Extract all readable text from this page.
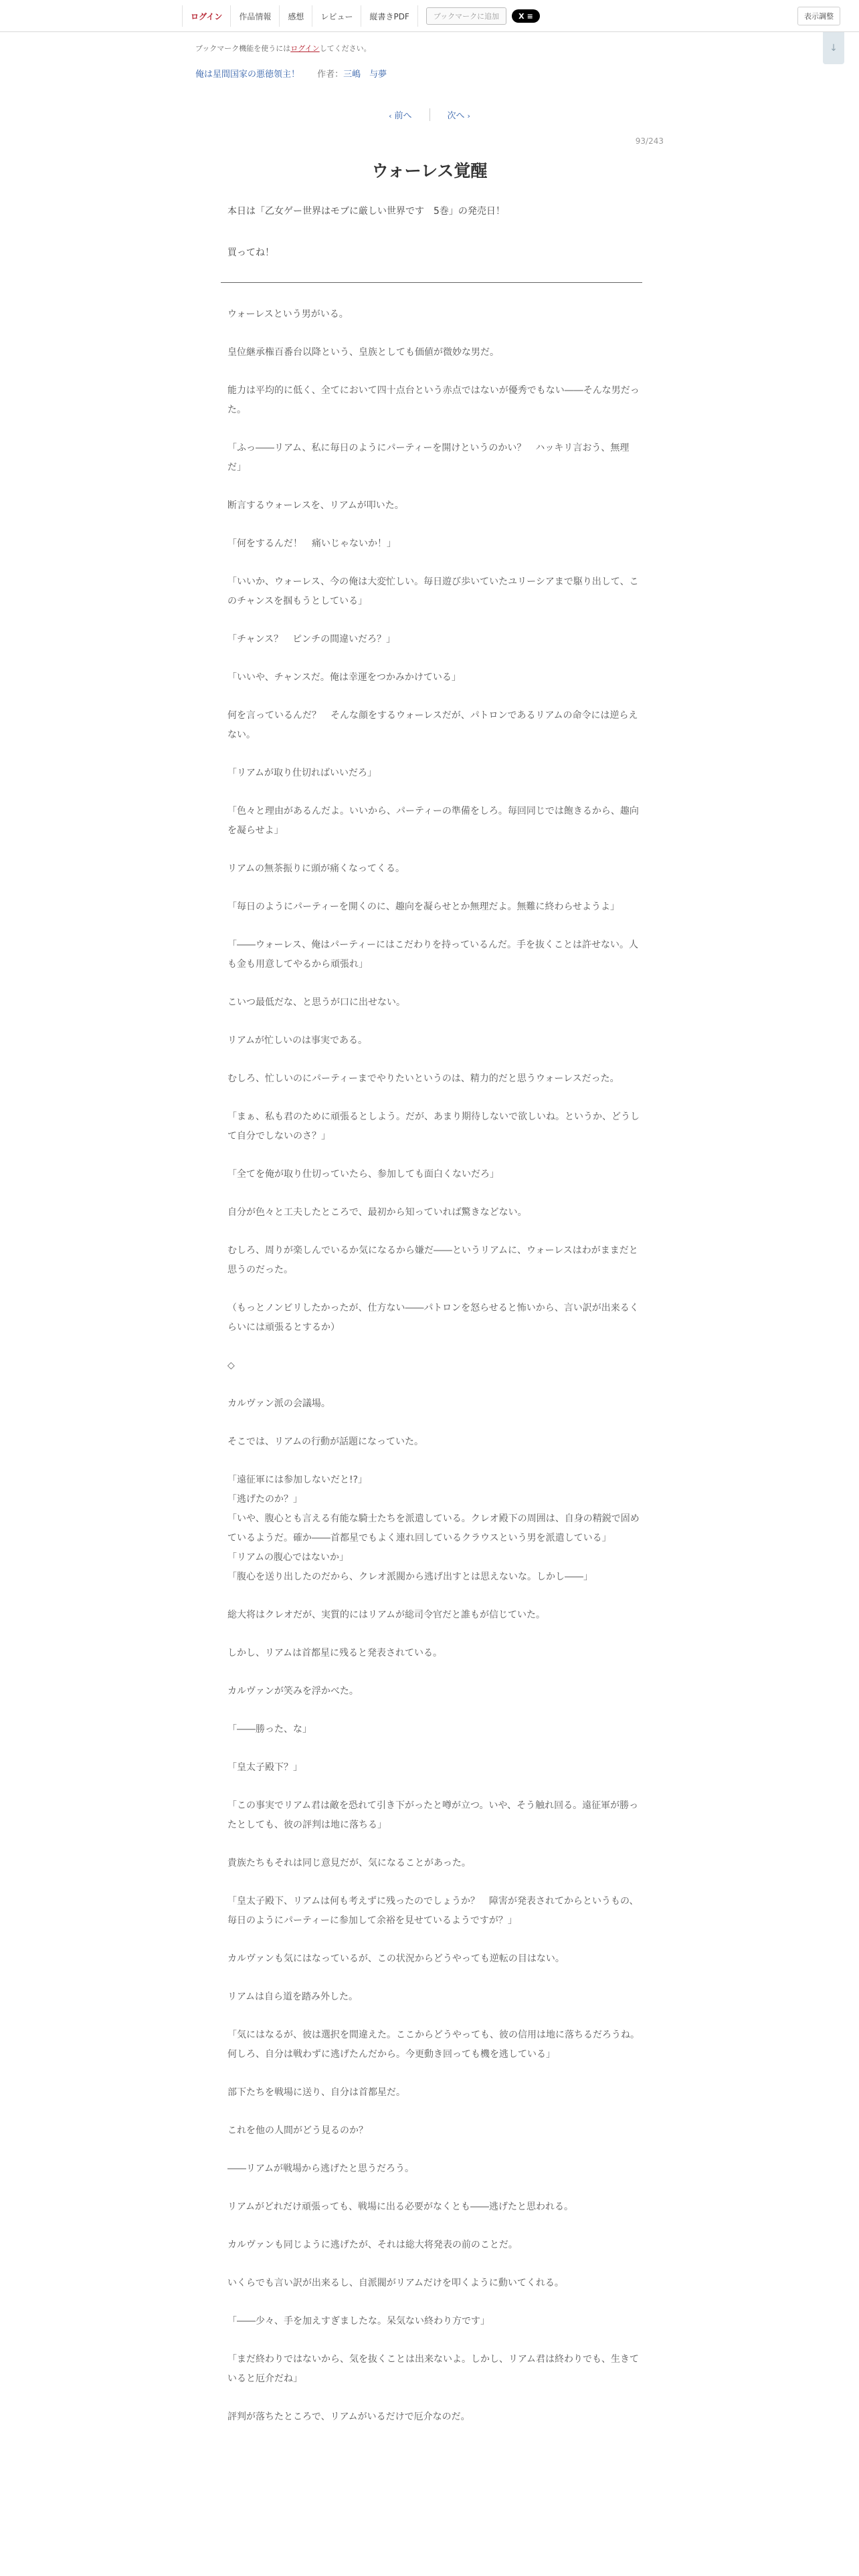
ログイン	作品情報	感想	レビュー	縦書きPDF	ブックマークに追加	X ≡	表示調整
↓
ブックマーク機能を使うにはログインしてください。
俺は星間国家の悪徳領主！ 作者：三嶋　与夢
‹ 前へ	次へ ›
93/243
ウォーレス覚醒

本日は「乙女ゲー世界はモブに厳しい世界です　5巻」の発売日！

買ってね！

ウォーレスという男がいる。

皇位継承権百番台以降という、皇族としても価値が微妙な男だ。

能力は平均的に低く、全てにおいて四十点台という赤点ではないが優秀でもない――そんな男だった。

「ふっ――リアム、私に毎日のようにパーティーを開けというのかい？　ハッキリ言おう、無理だ」

断言するウォーレスを、リアムが叩いた。

「何をするんだ！　痛いじゃないか！」

「いいか、ウォーレス、今の俺は大変忙しい。毎日遊び歩いていたユリーシアまで駆り出して、このチャンスを掴もうとしている」

「チャンス？　ピンチの間違いだろ？」

「いいや、チャンスだ。俺は幸運をつかみかけている」

何を言っているんだ？　そんな顔をするウォーレスだが、パトロンであるリアムの命令には逆らえない。

「リアムが取り仕切ればいいだろ」

「色々と理由があるんだよ。いいから、パーティーの準備をしろ。毎回同じでは飽きるから、趣向を凝らせよ」

リアムの無茶振りに頭が痛くなってくる。

「毎日のようにパーティーを開くのに、趣向を凝らせとか無理だよ。無難に終わらせようよ」

「――ウォーレス、俺はパーティーにはこだわりを持っているんだ。手を抜くことは許せない。人も金も用意してやるから頑張れ」

こいつ最低だな、と思うが口に出せない。

リアムが忙しいのは事実である。

むしろ、忙しいのにパーティーまでやりたいというのは、精力的だと思うウォーレスだった。

「まぁ、私も君のために頑張るとしよう。だが、あまり期待しないで欲しいね。というか、どうして自分でしないのさ？」

「全てを俺が取り仕切っていたら、参加しても面白くないだろ」

自分が色々と工夫したところで、最初から知っていれば驚きなどない。

むしろ、周りが楽しんでいるか気になるから嫌だ――というリアムに、ウォーレスはわがままだと思うのだった。

（もっとノンビリしたかったが、仕方ない――パトロンを怒らせると怖いから、言い訳が出来るくらいには頑張るとするか）

◇

カルヴァン派の会議場。

そこでは、リアムの行動が話題になっていた。

「遠征軍には参加しないだと!?」

「逃げたのか？」

「いや、腹心とも言える有能な騎士たちを派遣している。クレオ殿下の周囲は、自身の精鋭で固めているようだ。確か――首都星でもよく連れ回しているクラウスという男を派遣している」

「リアムの腹心ではないか」

「腹心を送り出したのだから、クレオ派閥から逃げ出すとは思えないな。しかし――」

総大将はクレオだが、実質的にはリアムが総司令官だと誰もが信じていた。

しかし、リアムは首都星に残ると発表されている。

カルヴァンが笑みを浮かべた。

「――勝った、な」

「皇太子殿下？」

「この事実でリアム君は敵を恐れて引き下がったと噂が立つ。いや、そう触れ回る。遠征軍が勝ったとしても、彼の評判は地に落ちる」

貴族たちもそれは同じ意見だが、気になることがあった。

「皇太子殿下、リアムは何も考えずに残ったのでしょうか？　障害が発表されてからというもの、毎日のようにパーティーに参加して余裕を見せているようですが？」

カルヴァンも気にはなっているが、この状況からどうやっても逆転の目はない。

リアムは自ら道を踏み外した。

「気にはなるが、彼は選択を間違えた。ここからどうやっても、彼の信用は地に落ちるだろうね。何しろ、自分は戦わずに逃げたんだから。今更動き回っても機を逃している」

部下たちを戦場に送り、自分は首都星だ。

これを他の人間がどう見るのか？

――リアムが戦場から逃げたと思うだろう。

リアムがどれだけ頑張っても、戦場に出る必要がなくとも――逃げたと思われる。

カルヴァンも同じように逃げたが、それは総大将発表の前のことだ。

いくらでも言い訳が出来るし、自派閥がリアムだけを叩くように動いてくれる。

「――少々、手を加えすぎましたな。呆気ない終わり方です」

「まだ終わりではないから、気を抜くことは出来ないよ。しかし、リアム君は終わりでも、生きていると厄介だね」

評判が落ちたところで、リアムがいるだけで厄介なのだ。
